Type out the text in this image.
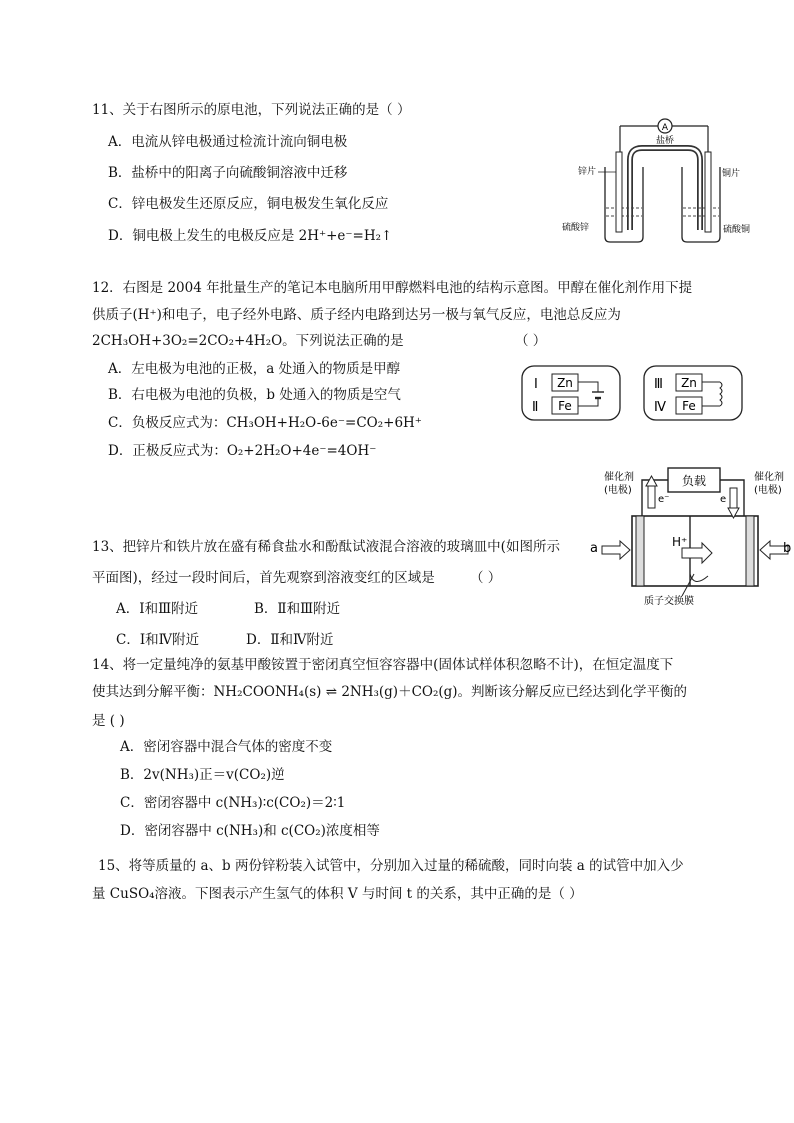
11、关于右图所示的原电池，下列说法正确的是（ ）
A．电流从锌电极通过检流计流向铜电极
B．盐桥中的阳离子向硫酸铜溶液中迁移
C．锌电极发生还原反应，铜电极发生氧化反应
D．铜电极上发生的电极反应是 2H⁺+e⁻=H₂↑
A
盐桥
锌片	铜片
硫酸锌	硫酸铜
12．右图是 2004 年批量生产的笔记本电脑所用甲醇燃料电池的结构示意图。甲醇在催化剂作用下提
供质子(H⁺)和电子，电子经外电路、质子经内电路到达另一极与氧气反应，电池总反应为
2CH₃OH+3O₂=2CO₂+4H₂O。下列说法正确的是	（ ）
A．左电极为电池的正极，a 处通入的物质是甲醇
B．右电极为电池的负极，b 处通入的物质是空气
C．负极反应式为：CH₃OH+H₂O-6e⁻=CO₂+6H⁺
D．正极反应式为：O₂+2H₂O+4e⁻=4OH⁻
Ⅰ
Ⅱ
Zn
Fe
Ⅲ
Ⅳ
Zn
Fe
负载
催化剂
(电极)
催化剂
(电极)
e⁻	e
H⁺
a	b
质子交换膜
13、把锌片和铁片放在盛有稀食盐水和酚酞试液混合溶液的玻璃皿中(如图所示
平面图)，经过一段时间后，首先观察到溶液变红的区域是	（ ）
A．Ⅰ和Ⅲ附近	B．Ⅱ和Ⅲ附近
C．Ⅰ和Ⅳ附近	D．Ⅱ和Ⅳ附近
14、将一定量纯净的氨基甲酸铵置于密闭真空恒容容器中(固体试样体积忽略不计)，在恒定温度下
使其达到分解平衡：NH₂COONH₄(s) ⇌ 2NH₃(g)＋CO₂(g)。判断该分解反应已经达到化学平衡的
是 ( )
A．密闭容器中混合气体的密度不变
B．2v(NH₃)正＝v(CO₂)逆
C．密闭容器中 c(NH₃)∶c(CO₂)＝2∶1
D．密闭容器中 c(NH₃)和 c(CO₂)浓度相等
15、将等质量的 a、b 两份锌粉装入试管中，分别加入过量的稀硫酸，同时向装 a 的试管中加入少
量 CuSO₄溶液。下图表示产生氢气的体积 V 与时间 t 的关系，其中正确的是（ ）
